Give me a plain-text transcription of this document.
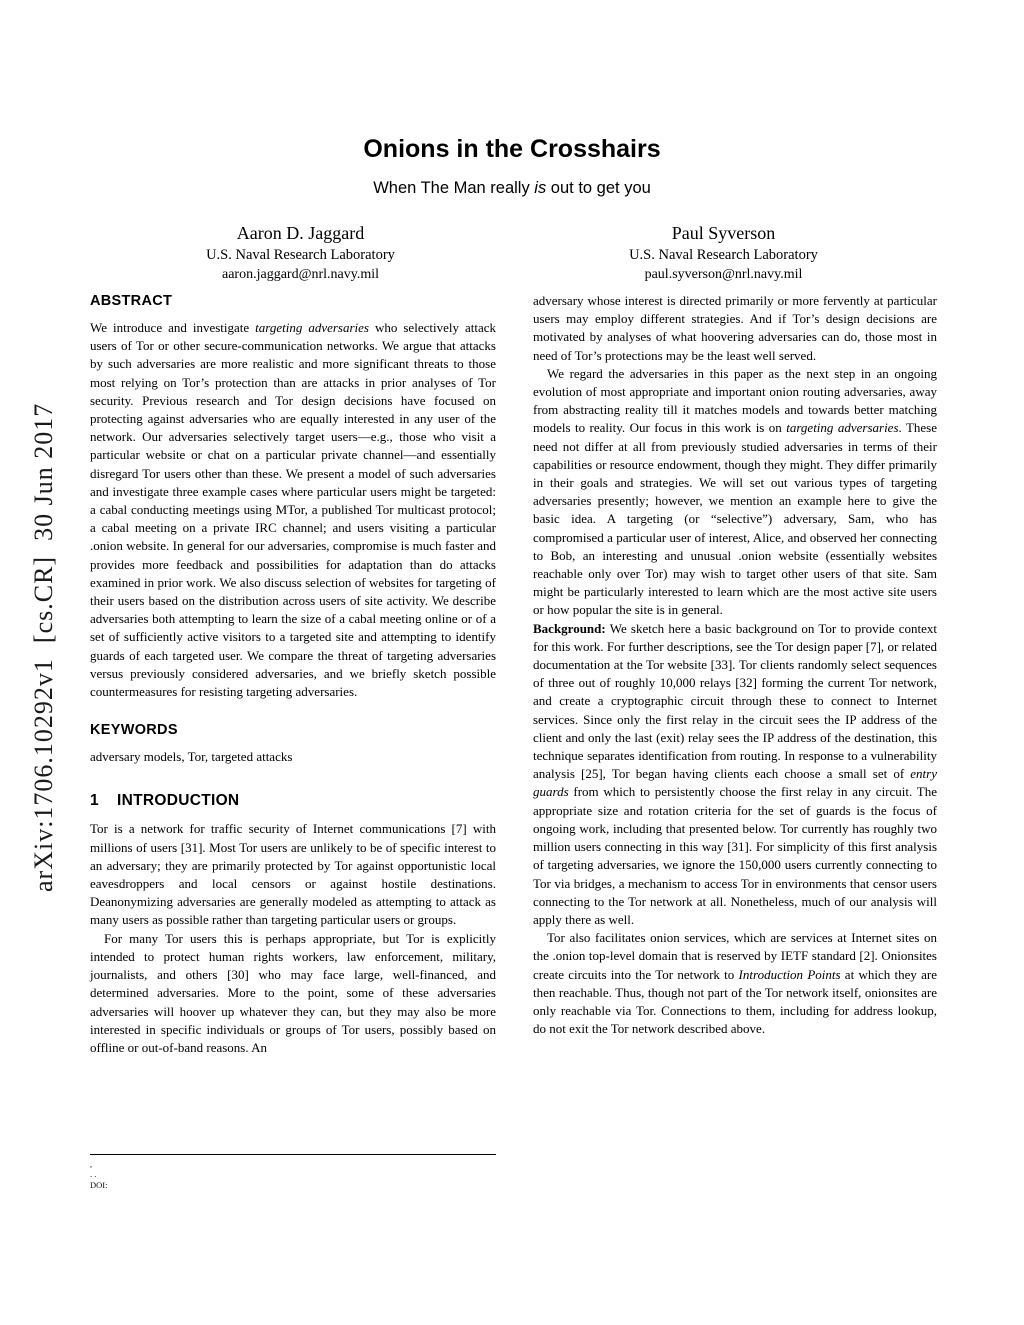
arXiv:1706.10292v1  [cs.CR]  30 Jun 2017
Onions in the Crosshairs
When The Man really is out to get you
Aaron D. Jaggard
U.S. Naval Research Laboratory
aaron.jaggard@nrl.navy.mil
Paul Syverson
U.S. Naval Research Laboratory
paul.syverson@nrl.navy.mil
ABSTRACT

We introduce and investigate targeting adversaries who selectively attack users of Tor or other secure-communication networks. We argue that attacks by such adversaries are more realistic and more significant threats to those most relying on Tor’s protection than are attacks in prior analyses of Tor security. Previous research and Tor design decisions have focused on protecting against adversaries who are equally interested in any user of the network. Our adversaries selectively target users—e.g., those who visit a particular website or chat on a particular private channel—and essentially disregard Tor users other than these. We present a model of such adversaries and investigate three example cases where particular users might be targeted: a cabal conducting meetings using MTor, a published Tor multicast protocol; a cabal meeting on a private IRC channel; and users visiting a particular .onion website. In general for our adversaries, compromise is much faster and provides more feedback and possibilities for adaptation than do attacks examined in prior work. We also discuss selection of websites for targeting of their users based on the distribution across users of site activity. We describe adversaries both attempting to learn the size of a cabal meeting online or of a set of sufficiently active visitors to a targeted site and attempting to identify guards of each targeted user. We compare the threat of targeting adversaries versus previously considered adversaries, and we briefly sketch possible countermeasures for resisting targeting adversaries.

KEYWORDS

adversary models, Tor, targeted attacks

1 INTRODUCTION

Tor is a network for traffic security of Internet communications [7] with millions of users [31]. Most Tor users are unlikely to be of specific interest to an adversary; they are primarily protected by Tor against opportunistic local eavesdroppers and local censors or against hostile destinations. Deanonymizing adversaries are generally modeled as attempting to attack as many users as possible rather than targeting particular users or groups.

For many Tor users this is perhaps appropriate, but Tor is explicitly intended to protect human rights workers, law enforcement, military, journalists, and others [30] who may face large, well-financed, and determined adversaries. More to the point, some of these adversaries adversaries will hoover up whatever they can, but they may also be more interested in specific individuals or groups of Tor users, possibly based on offline or out-of-band reasons. An

,
. .
DOI:

adversary whose interest is directed primarily or more fervently at particular users may employ different strategies. And if Tor’s design decisions are motivated by analyses of what hoovering adversaries can do, those most in need of Tor’s protections may be the least well served.

We regard the adversaries in this paper as the next step in an ongoing evolution of most appropriate and important onion routing adversaries, away from abstracting reality till it matches models and towards better matching models to reality. Our focus in this work is on targeting adversaries. These need not differ at all from previously studied adversaries in terms of their capabilities or resource endowment, though they might. They differ primarily in their goals and strategies. We will set out various types of targeting adversaries presently; however, we mention an example here to give the basic idea. A targeting (or “selective”) adversary, Sam, who has compromised a particular user of interest, Alice, and observed her connecting to Bob, an interesting and unusual .onion website (essentially websites reachable only over Tor) may wish to target other users of that site. Sam might be particularly interested to learn which are the most active site users or how popular the site is in general.

Background: We sketch here a basic background on Tor to provide context for this work. For further descriptions, see the Tor design paper [7], or related documentation at the Tor website [33]. Tor clients randomly select sequences of three out of roughly 10,000 relays [32] forming the current Tor network, and create a cryptographic circuit through these to connect to Internet services. Since only the first relay in the circuit sees the IP address of the client and only the last (exit) relay sees the IP address of the destination, this technique separates identification from routing. In response to a vulnerability analysis [25], Tor began having clients each choose a small set of entry guards from which to persistently choose the first relay in any circuit. The appropriate size and rotation criteria for the set of guards is the focus of ongoing work, including that presented below. Tor currently has roughly two million users connecting in this way [31]. For simplicity of this first analysis of targeting adversaries, we ignore the 150,000 users currently connecting to Tor via bridges, a mechanism to access Tor in environments that censor users connecting to the Tor network at all. Nonetheless, much of our analysis will apply there as well.

Tor also facilitates onion services, which are services at Internet sites on the .onion top-level domain that is reserved by IETF standard [2]. Onionsites create circuits into the Tor network to Introduction Points at which they are then reachable. Thus, though not part of the Tor network itself, onionsites are only reachable via Tor. Connections to them, including for address lookup, do not exit the Tor network described above.
